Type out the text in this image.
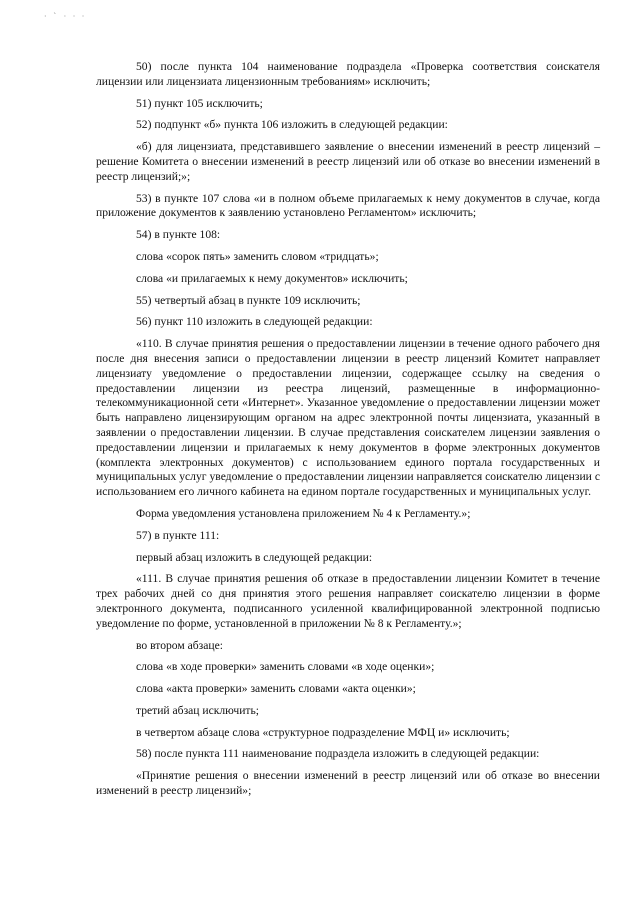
· ` · · ·

50) после пункта 104 наименование подраздела «Проверка соответствия соискателя лицензии или лицензиата лицензионным требованиям» исключить;

51) пункт 105 исключить;

52) подпункт «б» пункта 106 изложить в следующей редакции:

«б) для лицензиата, представившего заявление о внесении изменений в реестр лицензий – решение Комитета о внесении изменений в реестр лицензий или об отказе во внесении изменений в реестр лицензий;»;

53) в пункте 107 слова «и в полном объеме прилагаемых к нему документов в случае, когда приложение документов к заявлению установлено Регламентом» исключить;

54) в пункте 108:

слова «сорок пять» заменить словом «тридцать»;

слова «и прилагаемых к нему документов» исключить;

55) четвертый абзац в пункте 109 исключить;

56) пункт 110 изложить в следующей редакции:

«110. В случае принятия решения о предоставлении лицензии в течение одного рабочего дня после дня внесения записи о предоставлении лицензии в реестр лицензий Комитет направляет лицензиату уведомление о предоставлении лицензии, содержащее ссылку на сведения о предоставлении лицензии из реестра лицензий, размещенные в информационно-телекоммуникационной сети «Интернет». Указанное уведомление о предоставлении лицензии может быть направлено лицензирующим органом на адрес электронной почты лицензиата, указанный в заявлении о предоставлении лицензии. В случае представления соискателем лицензии заявления о предоставлении лицензии и прилагаемых к нему документов в форме электронных документов (комплекта электронных документов) с использованием единого портала государственных и муниципальных услуг уведомление о предоставлении лицензии направляется соискателю лицензии с использованием его личного кабинета на едином портале государственных и муниципальных услуг.

Форма уведомления установлена приложением № 4 к Регламенту.»;

57) в пункте 111:

первый абзац изложить в следующей редакции:

«111. В случае принятия решения об отказе в предоставлении лицензии Комитет в течение трех рабочих дней со дня принятия этого решения направляет соискателю лицензии в форме электронного документа, подписанного усиленной квалифицированной электронной подписью уведомление по форме, установленной в приложении № 8 к Регламенту.»;

во втором абзаце:

слова «в ходе проверки» заменить словами «в ходе оценки»;

слова «акта проверки» заменить словами «акта оценки»;

третий абзац исключить;

в четвертом абзаце слова «структурное подразделение МФЦ и» исключить;

58) после пункта 111 наименование подраздела изложить в следующей редакции:

«Принятие решения о внесении изменений в реестр лицензий или об отказе во внесении изменений в реестр лицензий»;
